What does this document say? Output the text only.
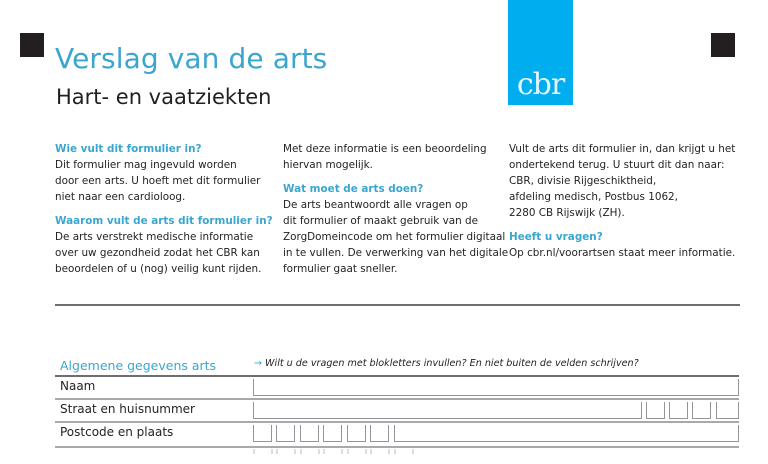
Verslag van de arts
Hart- en vaatziekten	cbr
Wie vult dit formulier in?

Dit formulier mag ingevuld worden
door een arts. U hoeft met dit formulier
niet naar een cardioloog.

Waarom vult de arts dit formulier in?

De arts verstrekt medische informatie
over uw gezondheid zodat het CBR kan
beoordelen of u (nog) veilig kunt rijden.

Met deze informatie is een beoordeling
hiervan mogelijk.

Wat moet de arts doen?

De arts beantwoordt alle vragen op
dit formulier of maakt gebruik van de
ZorgDomeincode om het formulier digitaal
in te vullen. De verwerking van het digitale
formulier gaat sneller.

Vult de arts dit formulier in, dan krijgt u het
ondertekend terug. U stuurt dit dan naar:
CBR, divisie Rijgeschiktheid,
afdeling medisch, Postbus 1062,
2280 CB Rijswijk (ZH).

Heeft u vragen?

Op cbr.nl/voorartsen staat meer informatie.

Algemene gegevens arts	→ Wilt u de vragen met blokletters invullen? En niet buiten de velden schrijven?
Naam
Straat en huisnummer
Postcode en plaats
